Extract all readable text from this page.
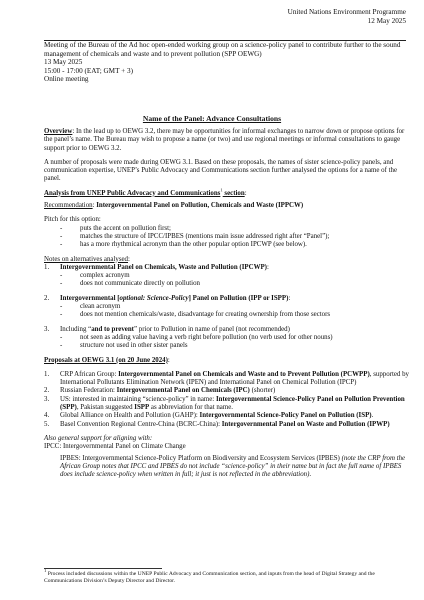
United Nations Environment Programme
12 May 2025
Meeting of the Bureau of the Ad hoc open-ended working group on a science-policy panel to contribute further to the sound management of chemicals and waste and to prevent pollution (SPP OEWG)
13 May 2025
15:00 - 17:00 (EAT; GMT + 3)
Online meeting
Name of the Panel: Advance Consultations
Overview: In the lead up to OEWG 3.2, there may be opportunities for informal exchanges to narrow down or propose options for the panel’s name. The Bureau may wish to propose a name (or two) and use regional meetings or informal consultations to gauge support prior to OEWG 3.2.
A number of proposals were made during OEWG 3.1. Based on these proposals, the names of sister science-policy panels, and communication expertise, UNEP’s Public Advocacy and Communications section further analysed the options for a name of the panel.
Analysis from UNEP Public Advocacy and Communications$^1$ section:
Recommendation: Intergovernmental Panel on Pollution, Chemicals and Waste (IPPCW)
Pitch for this option:
- puts the accent on pollution first;
- matches the structure of IPCC/IPBES (mentions main issue addressed right after “Panel”);
- has a more rhythmical acronym than the other popular option IPCWP (see below).
Notes on alternatives analysed:
1. Intergovernmental Panel on Chemicals, Waste and Pollution (IPCWP):
- complex acronym
- does not communicate directly on pollution
2. Intergovernmental [optional: Science-Policy] Panel on Pollution (IPP or ISPP):
- clean acronym
- does not mention chemicals/waste, disadvantage for creating ownership from those sectors
3. Including “and to prevent” prior to Pollution in name of panel (not recommended)
- not seen as adding value having a verb right before pollution (no verb used for other nouns)
- structure not used in other sister panels
Proposals at OEWG 3.1 (on 20 June 2024):
1. CRP African Group: Intergovernmental Panel on Chemicals and Waste and to Prevent Pollution (PCWPP), supported by International Pollutants Elimination Network (IPEN) and International Panel on Chemical Pollution (IPCP)
2. Russian Federation: Intergovernmental Panel on Chemicals (IPC) (shorter)
3. US: interested in maintaining “science-policy” in name: Intergovernmental Science-Policy Panel on Pollution Prevention (SPP), Pakistan suggested ISPP as abbreviation for that name.
4. Global Alliance on Health and Pollution (GAHP): Intergovernmental Science-Policy Panel on Pollution (ISP).
5. Basel Convention Regional Centre-China (BCRC-China): Intergovernmental Panel on Waste and Pollution (IPWP)
Also general support for aligning with:
IPCC: Intergovernmental Panel on Climate Change
IPBES: Intergovernmental Science-Policy Platform on Biodiversity and Ecosystem Services (IPBES) (note the CRP from the African Group notes that IPCC and IPBES do not include “science-policy” in their name but in fact the full name of IPBES does include science-policy when written in full; it just is not reflected in the abbreviation).
$^1$ Process included discussions within the UNEP Public Advocacy and Communication section, and inputs from the head of Digital Strategy and the Communications Division’s Deputy Director and Director.
